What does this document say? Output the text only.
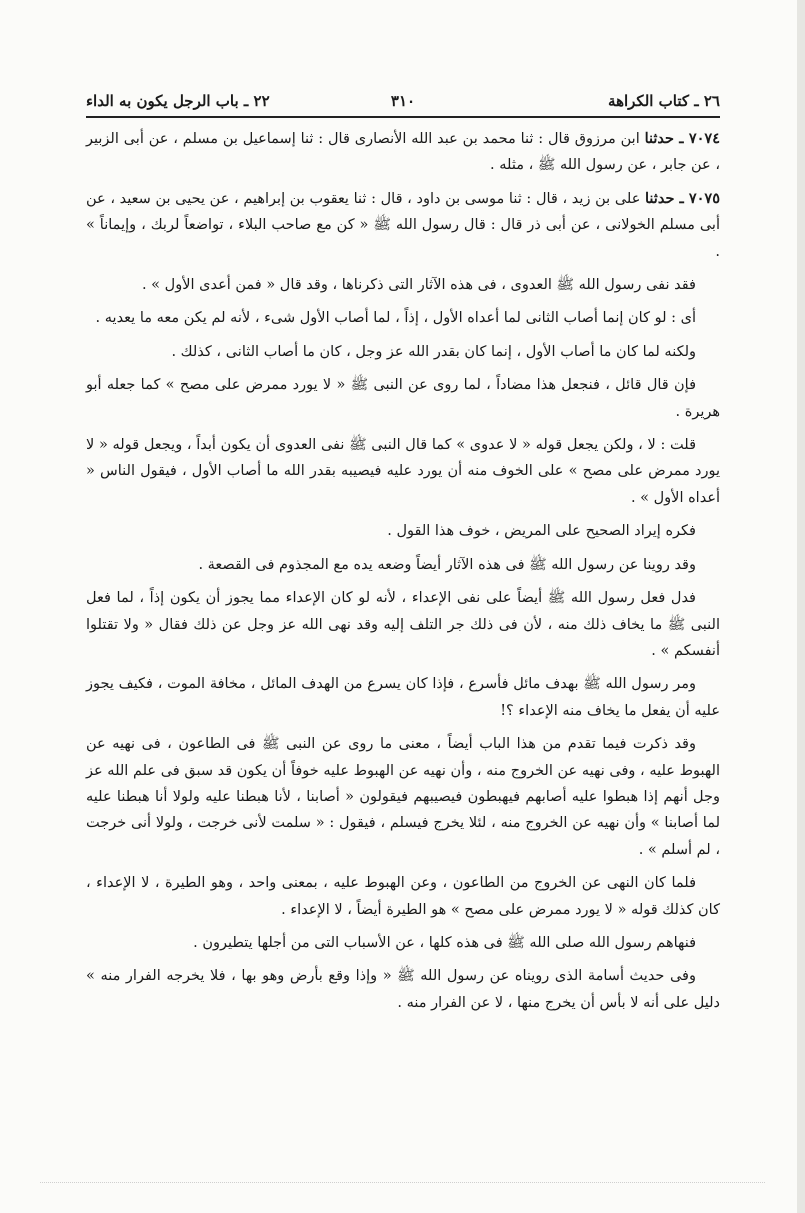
٢٦ ـ كتاب الكراهة
٣١٠
٢٢ ـ باب الرجل يكون به الداء

٧٠٧٤ ـ حدثنا ابن مرزوق قال : ثنا محمد بن عبد الله الأنصارى قال : ثنا إسماعيل بن مسلم ، عن أبى الزبير ، عن جابر ، عن رسول الله ﷺ ، مثله .

٧٠٧٥ ـ حدثنا على بن زيد ، قال : ثنا موسى بن داود ، قال : ثنا يعقوب بن إبراهيم ، عن يحيى بن سعيد ، عن أبى مسلم الخولانى ، عن أبى ذر قال : قال رسول الله ﷺ « كن مع صاحب البلاء ، تواضعاً لربك ، وإيماناً » .

فقد نفى رسول الله ﷺ العدوى ، فى هذه الآثار التى ذكرناها ، وقد قال « فمن أعدى الأول » .

أى : لو كان إنما أصاب الثانى لما أعداه الأول ، إذاً ، لما أصاب الأول شىء ، لأنه لم يكن معه ما يعديه .

ولكنه لما كان ما أصاب الأول ، إنما كان بقدر الله عز وجل ، كان ما أصاب الثانى ، كذلك .

فإن قال قائل ، فنجعل هذا مضاداً ، لما روى عن النبى ﷺ « لا يورد ممرض على مصح » كما جعله أبو هريرة .

قلت : لا ، ولكن يجعل قوله « لا عدوى » كما قال النبى ﷺ نفى العدوى أن يكون أبداً ، ويجعل قوله « لا يورد ممرض على مصح » على الخوف منه أن يورد عليه فيصيبه بقدر الله ما أصاب الأول ، فيقول الناس « أعداه الأول » .

فكره إيراد الصحيح على المريض ، خوف هذا القول .

وقد روينا عن رسول الله ﷺ فى هذه الآثار أيضاً وضعه يده مع المجذوم فى القصعة .

فدل فعل رسول الله ﷺ أيضاً على نفى الإعداء ، لأنه لو كان الإعداء مما يجوز أن يكون إذاً ، لما فعل النبى ﷺ ما يخاف ذلك منه ، لأن فى ذلك جر التلف إليه وقد نهى الله عز وجل عن ذلك فقال « ولا تقتلوا أنفسكم » .

ومر رسول الله ﷺ بهدف مائل فأسرع ، فإذا كان يسرع من الهدف المائل ، مخافة الموت ، فكيف يجوز عليه أن يفعل ما يخاف منه الإعداء ؟!

وقد ذكرت فيما تقدم من هذا الباب أيضاً ، معنى ما روى عن النبى ﷺ فى الطاعون ، فى نهيه عن الهبوط عليه ، وفى نهيه عن الخروج منه ، وأن نهيه عن الهبوط عليه خوفاً أن يكون قد سبق فى علم الله عز وجل أنهم إذا هبطوا عليه أصابهم فيهبطون فيصيبهم فيقولون « أصابنا ، لأنا هبطنا عليه ولولا أنا هبطنا عليه لما أصابنا » وأن نهيه عن الخروج منه ، لئلا يخرج فيسلم ، فيقول : « سلمت لأنى خرجت ، ولولا أنى خرجت ، لم أسلم » .

فلما كان النهى عن الخروج من الطاعون ، وعن الهبوط عليه ، بمعنى واحد ، وهو الطيرة ، لا الإعداء ، كان كذلك قوله « لا يورد ممرض على مصح » هو الطيرة أيضاً ، لا الإعداء .

فنهاهم رسول الله صلى الله ﷺ فى هذه كلها ، عن الأسباب التى من أجلها يتطيرون .

وفى حديث أسامة الذى رويناه عن رسول الله ﷺ « وإذا وقع بأرض وهو بها ، فلا يخرجه الفرار منه » دليل على أنه لا بأس أن يخرج منها ، لا عن الفرار منه .
